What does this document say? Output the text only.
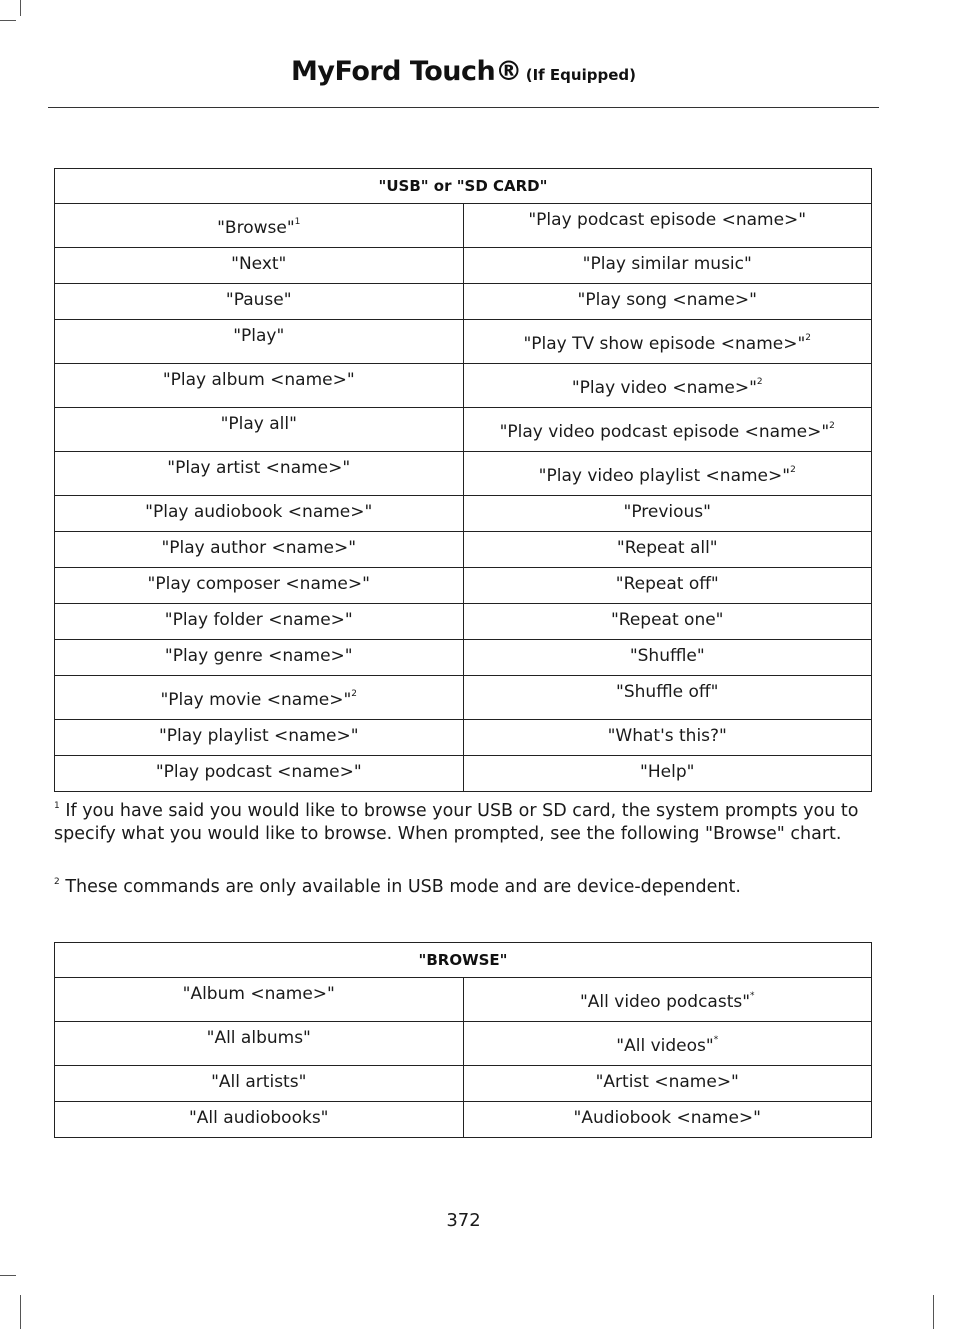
MyFord Touch® (If Equipped)
"USB" or "SD CARD"	

"Browse"$^1$	"Play podcast episode <name>"

"Next"	"Play similar music"

"Pause"	"Play song <name>"

"Play"	"Play TV show episode <name>"$^2$

"Play album <name>"	"Play video <name>"$^2$

"Play all"	"Play video podcast episode <name>"$^2$

"Play artist <name>"	"Play video playlist <name>"$^2$

"Play audiobook <name>"	"Previous"

"Play author <name>"	"Repeat all"

"Play composer <name>"	"Repeat off"

"Play folder <name>"	"Repeat one"

"Play genre <name>"	"Shuffle"

"Play movie <name>"$^2$	"Shuffle off"

"Play playlist <name>"	"What's this?"

"Play podcast <name>"	"Help"
$^1$ If you have said you would like to browse your USB or SD card, the system prompts you to specify what you would like to browse. When prompted, see the following "Browse" chart.
$^2$ These commands are only available in USB mode and are device-dependent.
"BROWSE"	

"Album <name>"	"All video podcasts"*

"All albums"	"All videos"*

"All artists"	"Artist <name>"

"All audiobooks"	"Audiobook <name>"
372
